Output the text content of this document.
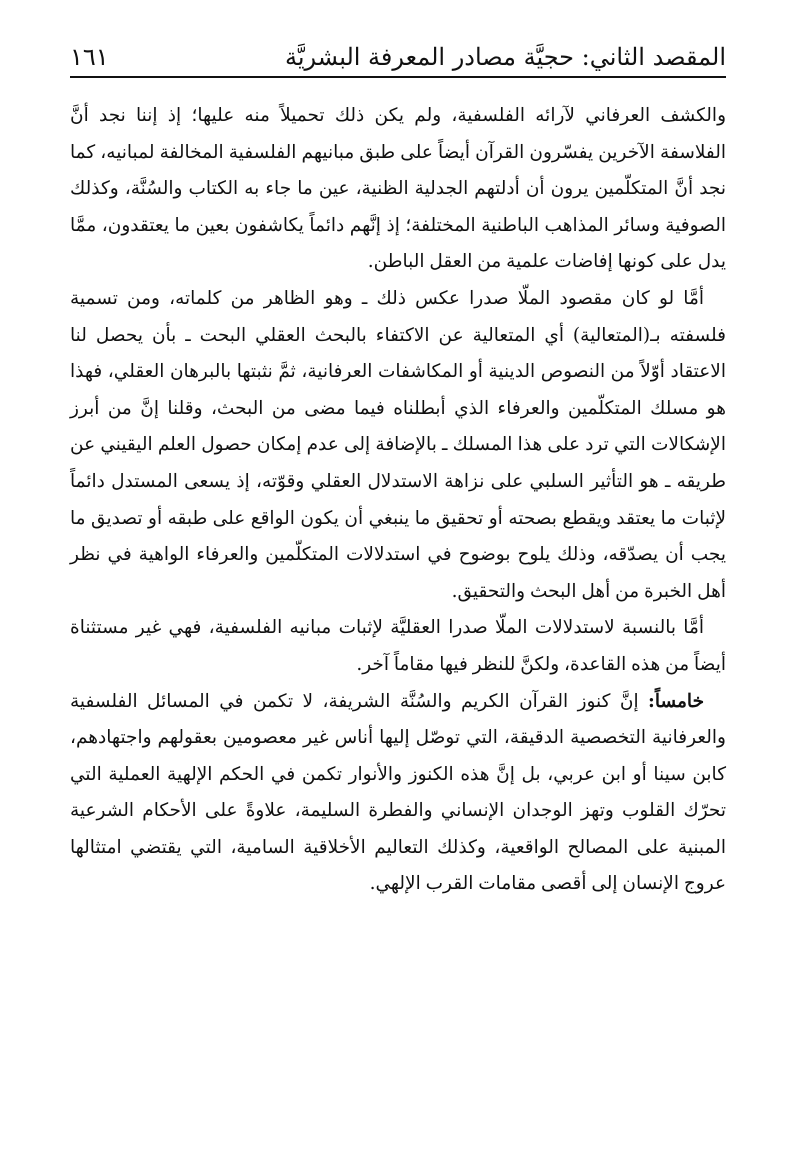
المقصد الثاني: حجيَّة مصادر المعرفة البشريَّة
١٦١

والكشف العرفاني لآرائه الفلسفية، ولم يكن ذلك تحميلاً منه عليها؛ إذ إننا نجد أنَّ الفلاسفة الآخرين يفسّرون القرآن أيضاً على طبق مبانيهم الفلسفية المخالفة لمبانيه، كما نجد أنَّ المتكلّمين يرون أن أدلتهم الجدلية الظنية، عين ما جاء به الكتاب والسُنَّة، وكذلك الصوفية وسائر المذاهب الباطنية المختلفة؛ إذ إنَّهم دائماً يكاشفون بعين ما يعتقدون، ممَّا يدل على كونها إفاضات علمية من العقل الباطن.

أمَّا لو كان مقصود الملّا صدرا عكس ذلك ـ وهو الظاهر من كلماته، ومن تسمية فلسفته بـ(المتعالية) أي المتعالية عن الاكتفاء بالبحث العقلي البحت ـ بأن يحصل لنا الاعتقاد أوّلاً من النصوص الدينية أو المكاشفات العرفانية، ثمَّ نثبتها بالبرهان العقلي، فهذا هو مسلك المتكلّمين والعرفاء الذي أبطلناه فيما مضى من البحث، وقلنا إنَّ من أبرز الإشكالات التي ترد على هذا المسلك ـ بالإضافة إلى عدم إمكان حصول العلم اليقيني عن طريقه ـ هو التأثير السلبي على نزاهة الاستدلال العقلي وقوّته، إذ يسعى المستدل دائماً لإثبات ما يعتقد ويقطع بصحته أو تحقيق ما ينبغي أن يكون الواقع على طبقه أو تصديق ما يجب أن يصدّقه، وذلك يلوح بوضوح في استدلالات المتكلّمين والعرفاء الواهية في نظر أهل الخبرة من أهل البحث والتحقيق.

أمَّا بالنسبة لاستدلالات الملّا صدرا العقليَّة لإثبات مبانيه الفلسفية، فهي غير مستثناة أيضاً من هذه القاعدة، ولكنَّ للنظر فيها مقاماً آخر.

خامساً: إنَّ كنوز القرآن الكريم والسُنَّة الشريفة، لا تكمن في المسائل الفلسفية والعرفانية التخصصية الدقيقة، التي توصّل إليها أناس غير معصومين بعقولهم واجتهادهم، كابن سينا أو ابن عربي، بل إنَّ هذه الكنوز والأنوار تكمن في الحكم الإلهية العملية التي تحرّك القلوب وتهز الوجدان الإنساني والفطرة السليمة، علاوةً على الأحكام الشرعية المبنية على المصالح الواقعية، وكذلك التعاليم الأخلاقية السامية، التي يقتضي امتثالها عروج الإنسان إلى أقصى مقامات القرب الإلهي.
